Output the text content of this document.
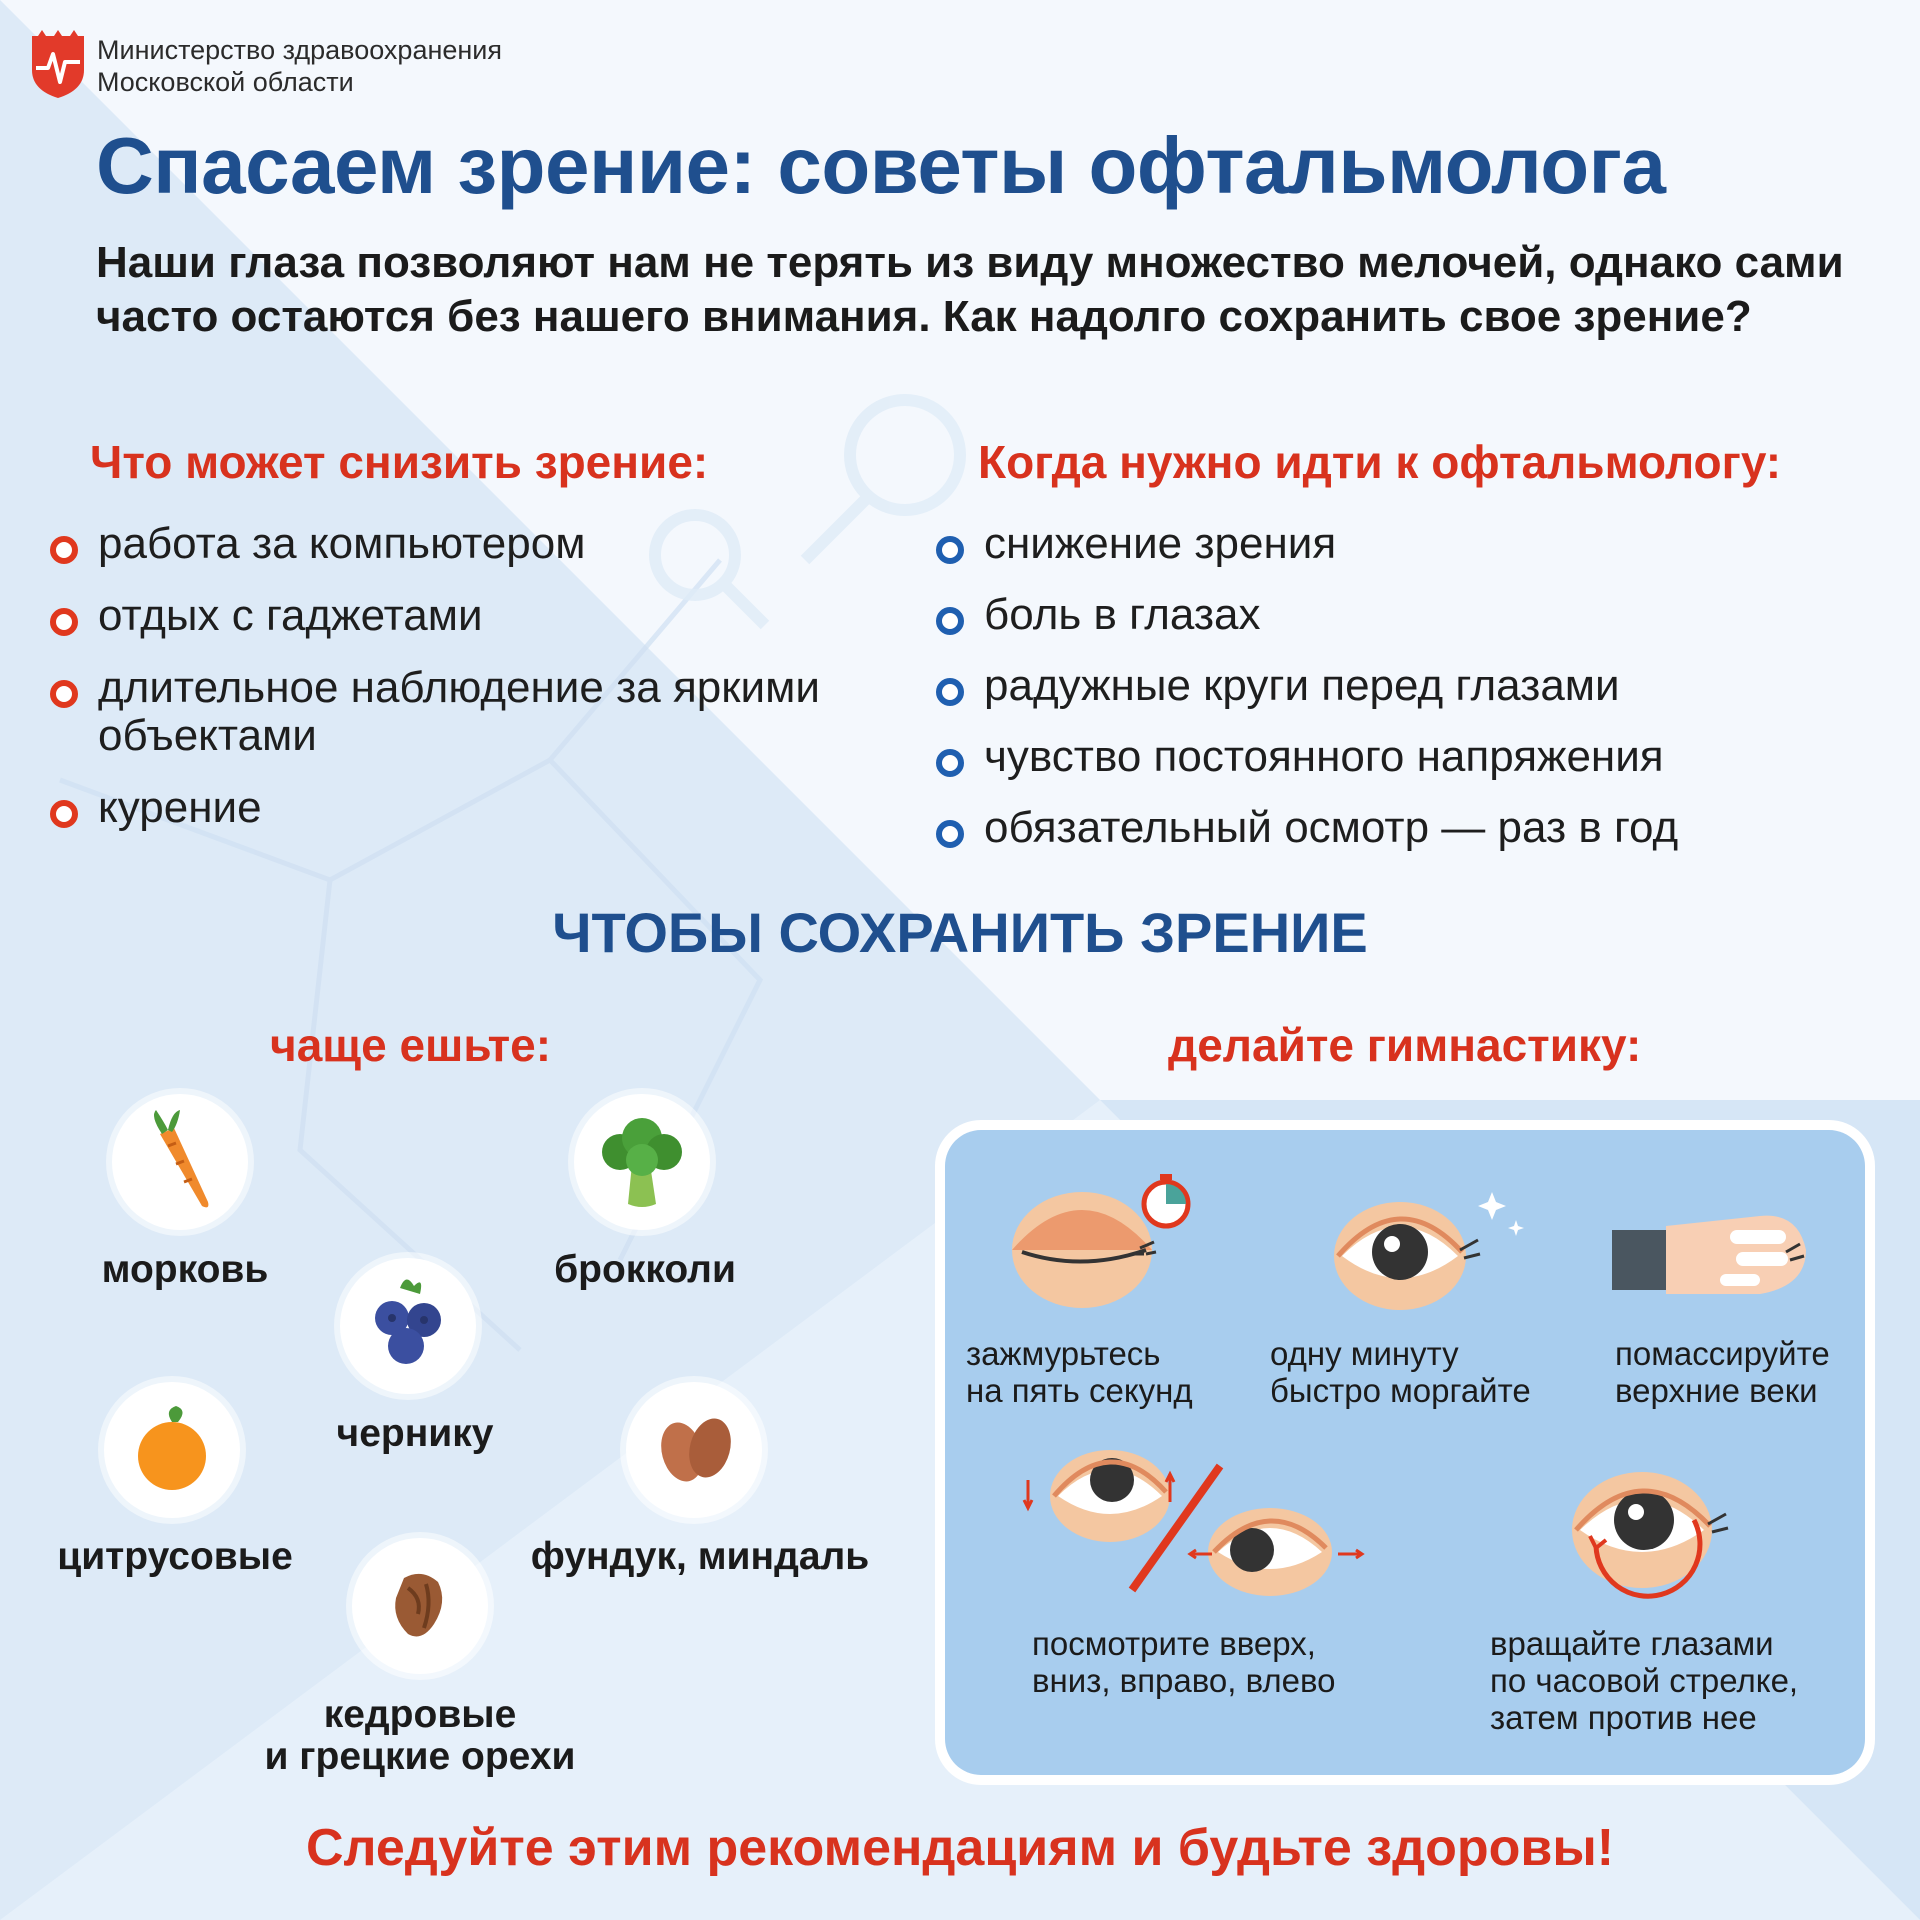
Министерство здравоохранения
Московской области
Спасаем зрение: советы офтальмолога
Наши глаза позволяют нам не терять из виду множество мелочей, однако сами часто остаются без нашего внимания. Как надолго сохранить свое зрение?
Что может снизить зрение:
работа за компьютером
отдых с гаджетами
длительное наблюдение за яркими объектами
курение
Когда нужно идти к офтальмологу:
снижение зрения
боль в глазах
радужные круги перед глазами
чувство постоянного напряжения
обязательный осмотр — раз в год
ЧТОБЫ СОХРАНИТЬ ЗРЕНИЕ
чаще ешьте:	делайте гимнастику:
морковь	брокколи
чернику
цитрусовые	фундук, миндаль
кедровые
и грецкие орехи
зажмурьтесь
на пять секунд
одну минуту
быстро моргайте
помассируйте
верхние веки
посмотрите вверх,
вниз, вправо, влево
вращайте глазами
по часовой стрелке,
затем против нее
Следуйте этим рекомендациям и будьте здоровы!
